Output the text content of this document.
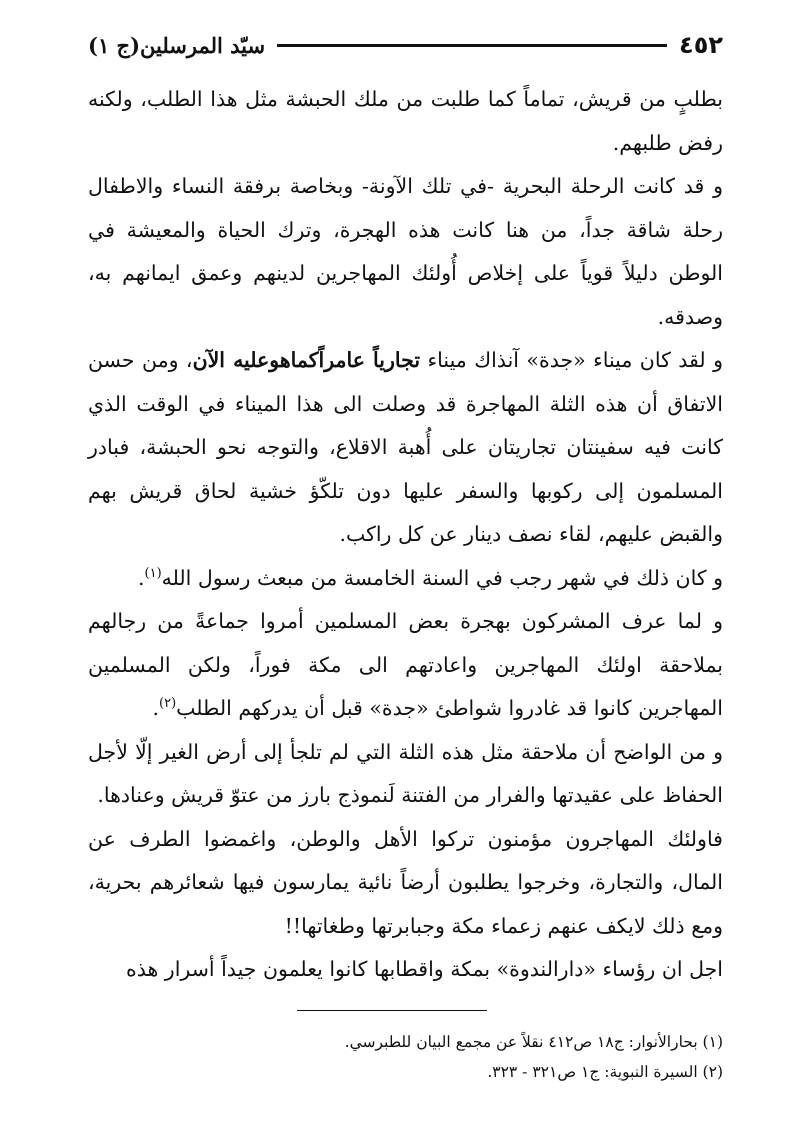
٤٥٢
سيّد المرسلين(ج ١)

بطلبٍ من قريش، تماماً كما طلبت من ملك الحبشة مثل هذا الطلب، ولكنه رفض طلبهم.

و قد كانت الرحلة البحرية -في تلك الآونة- وبخاصة برفقة النساء والاطفال رحلة شاقة جداً، من هنا كانت هذه الهجرة، وترك الحياة والمعيشة في الوطن دليلاً قوياً على إخلاص أُولئك المهاجرين لدينهم وعمق ايمانهم به، وصدقه.

و لقد كان ميناء «جدة» آنذاك ميناء تجارياً عامراًكماهوعليه الآن، ومن حسن الاتفاق أن هذه الثلة المهاجرة قد وصلت الى هذا الميناء في الوقت الذي كانت فيه سفينتان تجاريتان على أُهبة الاقلاع، والتوجه نحو الحبشة، فبادر المسلمون إلى ركوبها والسفر عليها دون تلكّؤ خشية لحاق قريش بهم والقبض عليهم، لقاء نصف دينار عن كل راكب.

و كان ذلك في شهر رجب في السنة الخامسة من مبعث رسول الله$^{(١)}$.

و لما عرف المشركون بهجرة بعض المسلمين أمروا جماعةً من رجالهم بملاحقة اولئك المهاجرين واعادتهم الى مكة فوراً، ولكن المسلمين المهاجرين كانوا قد غادروا شواطئ «جدة» قبل أن يدركهم الطلب$^{(٢)}$.

و من الواضح أن ملاحقة مثل هذه الثلة التي لم تلجأ إلى أرض الغير إلّا لأجل الحفاظ على عقيدتها والفرار من الفتنة لَنموذج بارز من عتوّ قريش وعنادها.

فاولئك المهاجرون مؤمنون تركوا الأهل والوطن، واغمضوا الطرف عن المال، والتجارة، وخرجوا يطلبون أرضاً نائية يمارسون فيها شعائرهم بحرية، ومع ذلك لايكف عنهم زعماء مكة وجبابرتها وطغاتها!!

اجل ان رؤساء «دارالندوة» بمكة واقطابها كانوا يعلمون جيداً أسرار هذه

(١) بحارالأنوار: ج١٨ ص٤١٢ نقلاً عن مجمع البيان للطبرسي.

(٢) السيرة النبوية: ج١ ص٣٢١ - ٣٢٣.
